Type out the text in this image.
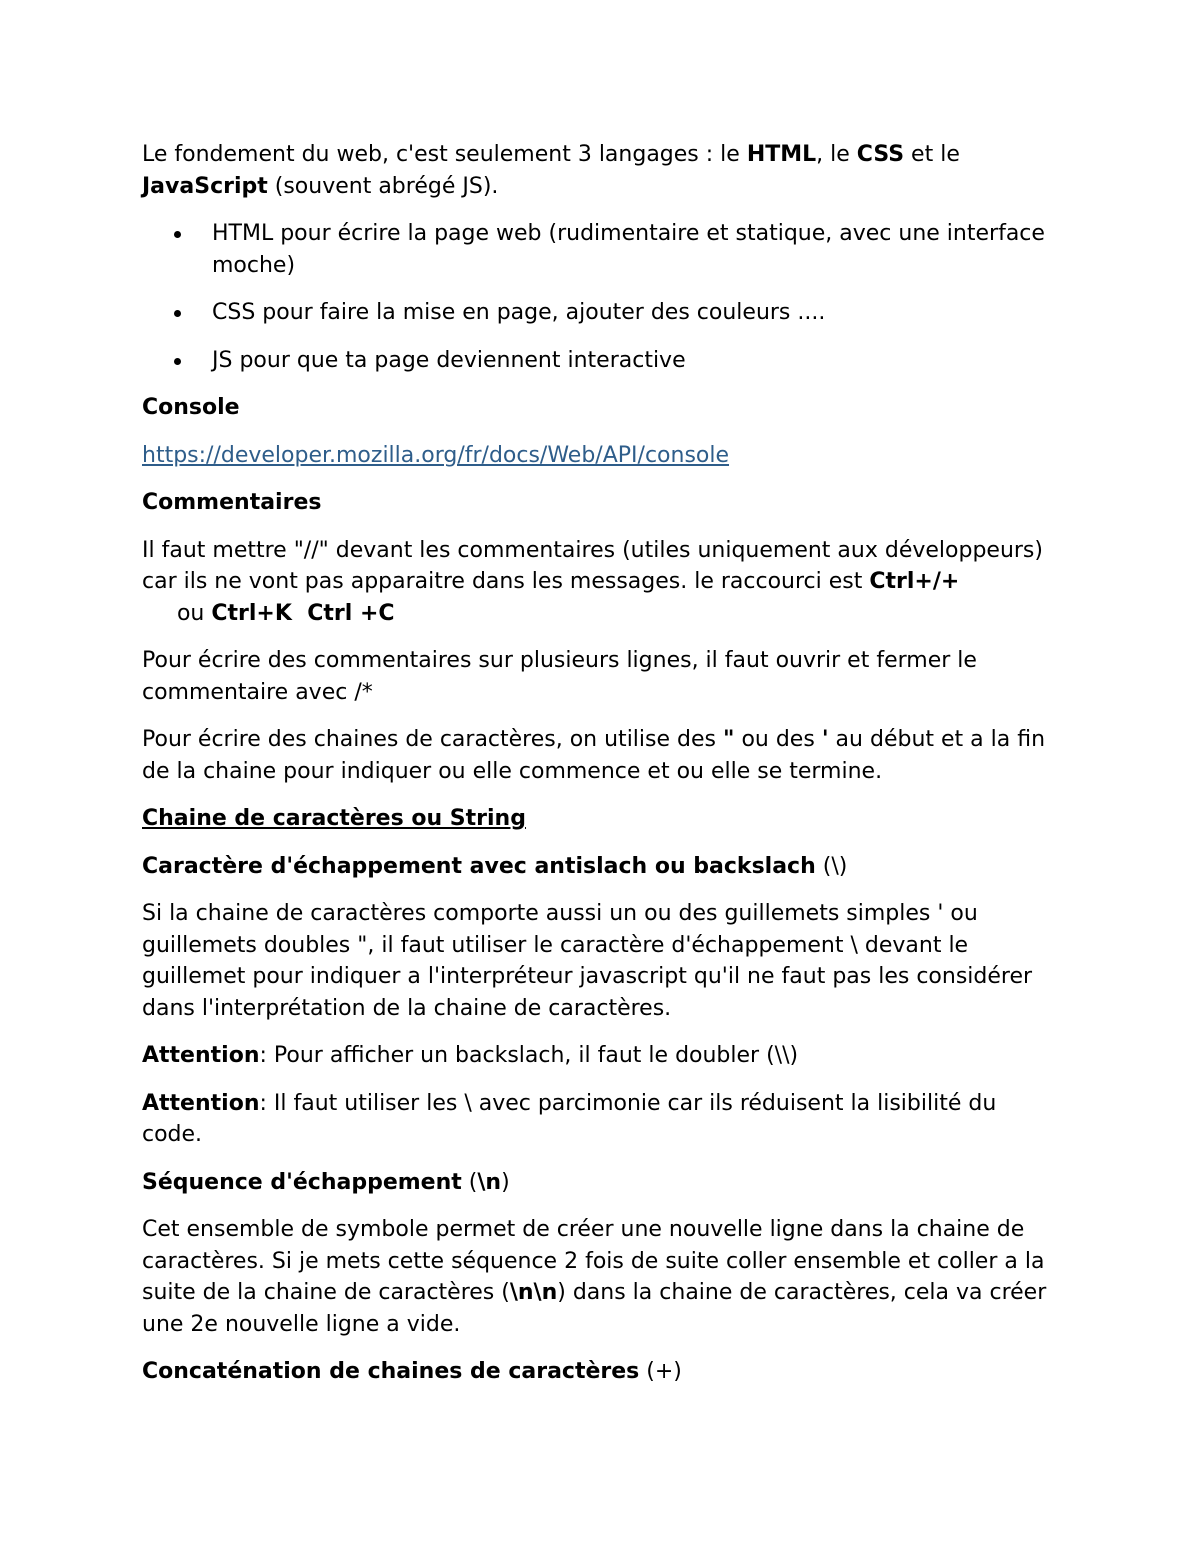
Le fondement du web, c'est seulement 3 langages : le HTML, le CSS et le JavaScript (souvent abrégé JS).

HTML pour écrire la page web (rudimentaire et statique, avec une interface moche)
CSS pour faire la mise en page, ajouter des couleurs ....
JS pour que ta page deviennent interactive

Console

https://developer.mozilla.org/fr/docs/Web/API/console

Commentaires

Il faut mettre "//" devant les commentaires (utiles uniquement aux développeurs) car ils ne vont pas apparaitre dans les messages. le raccourci est Ctrl+/+     ou Ctrl+K  Ctrl +C

Pour écrire des commentaires sur plusieurs lignes, il faut ouvrir et fermer le commentaire avec /*

Pour écrire des chaines de caractères, on utilise des " ou des ' au début et a la fin de la chaine pour indiquer ou elle commence et ou elle se termine.

Chaine de caractères ou String

Caractère d'échappement avec antislach ou backslach (\)

Si la chaine de caractères comporte aussi un ou des guillemets simples ' ou guillemets doubles ", il faut utiliser le caractère d'échappement \ devant le guillemet pour indiquer a l'interpréteur javascript qu'il ne faut pas les considérer dans l'interprétation de la chaine de caractères.

Attention: Pour afficher un backslach, il faut le doubler (\\)

Attention: Il faut utiliser les \ avec parcimonie car ils réduisent la lisibilité du code.

Séquence d'échappement (\n)

Cet ensemble de symbole permet de créer une nouvelle ligne dans la chaine de caractères. Si je mets cette séquence 2 fois de suite coller ensemble et coller a la suite de la chaine de caractères (\n\n) dans la chaine de caractères, cela va créer une 2e nouvelle ligne a vide.

Concaténation de chaines de caractères (+)
